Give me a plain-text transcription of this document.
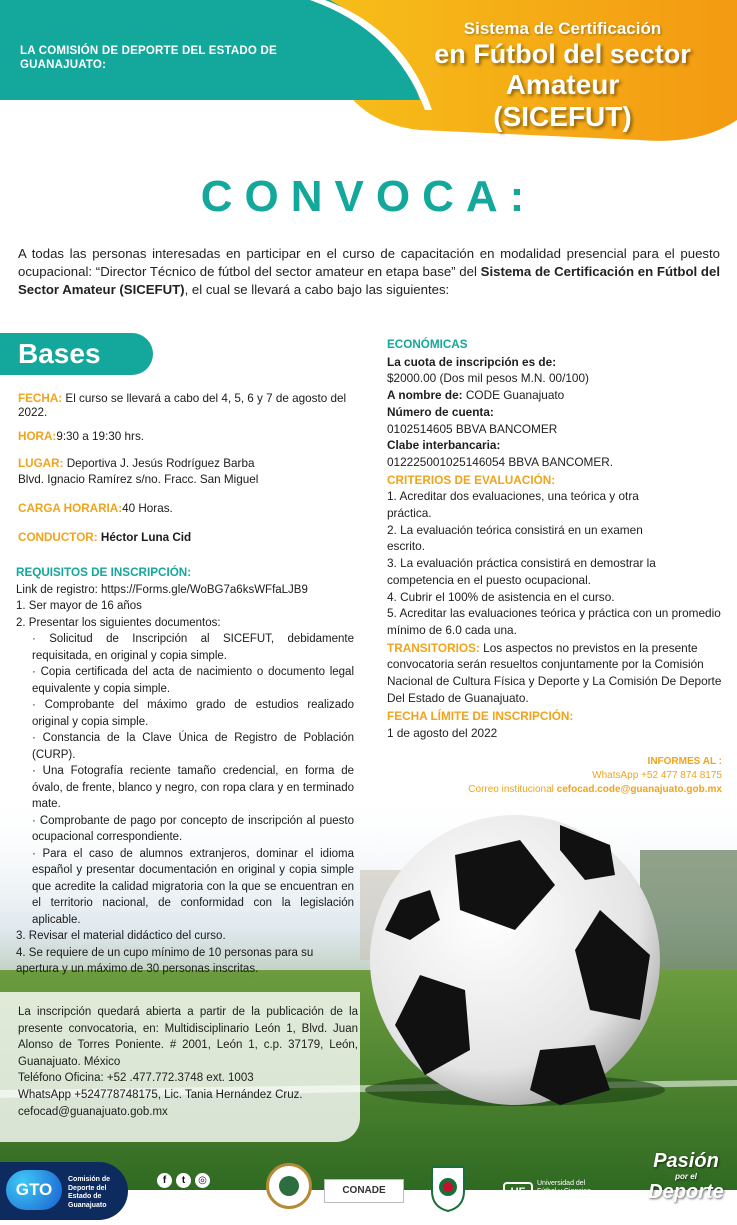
LA COMISIÓN DE DEPORTE DEL ESTADO DE GUANAJUATO:
Sistema de Certificación
en Fútbol del sector
Amateur
(SICEFUT)
CONVOCA:

A todas las personas interesadas en participar en el curso de capacitación en modalidad presencial para el puesto ocupacional: “Director Técnico de fútbol del sector amateur en etapa base” del Sistema de Certificación en Fútbol del Sector Amateur (SICEFUT), el cual se llevará a cabo bajo las siguientes:

Bases
FECHA: El curso se llevará a cabo del 4, 5, 6 y 7 de agosto del 2022.
HORA:9:30 a 19:30 hrs.
LUGAR: Deportiva J. Jesús Rodríguez Barba
Blvd. Ignacio Ramírez s/no. Fracc. San Miguel
CARGA HORARIA:40 Horas.
CONDUCTOR: Héctor Luna Cid
REQUISITOS DE INSCRIPCIÓN:
Link de registro: https://Forms.gle/WoBG7a6ksWFfaLJB9
1. Ser mayor de 16 años
2. Presentar los siguientes documentos:
· Solicitud de Inscripción al SICEFUT, debidamente requisitada, en original y copia simple.
· Copia certificada del acta de nacimiento o documento legal equivalente y copia simple.
· Comprobante del máximo grado de estudios realizado original y copia simple.
· Constancia de la Clave Única de Registro de Población (CURP).
· Una Fotografía reciente tamaño credencial, en forma de óvalo, de frente, blanco y negro, con ropa clara y en terminado mate.
· Comprobante de pago por concepto de inscripción al puesto ocupacional correspondiente.
· Para el caso de alumnos extranjeros, dominar el idioma español y presentar documentación en original y copia simple que acredite la calidad migratoria con la que se encuentran en el territorio nacional, de conformidad con la legislación aplicable.
3. Revisar el material didáctico del curso.
4. Se requiere de un cupo mínimo de 10 personas para su apertura y un máximo de 30 personas inscritas.
La inscripción quedará abierta a partir de la publicación de la presente convocatoria, en: Multidisciplinario León 1, Blvd. Juan Alonso de Torres Poniente. # 2001, León 1, c.p. 37179, León, Guanajuato. México
Teléfono Oficina: +52 .477.772.3748 ext. 1003
WhatsApp +524778748175, Lic. Tania Hernández Cruz.
cefocad@guanajuato.gob.mx
ECONÓMICAS
La cuota de inscripción es de:
$2000.00 (Dos mil pesos M.N. 00/100)
A nombre de: CODE Guanajuato
Número de cuenta:
0102514605 BBVA BANCOMER
Clabe interbancaria:
012225001025146054 BBVA BANCOMER.
CRITERIOS DE EVALUACIÓN:
1. Acreditar dos evaluaciones, una teórica y otra práctica.
2. La evaluación teórica consistirá en un examen escrito.
3. La evaluación práctica consistirá en demostrar la competencia en el puesto ocupacional.
4. Cubrir el 100% de asistencia en el curso.
5. Acreditar las evaluaciones teórica y práctica con un promedio mínimo de 6.0 cada una.
TRANSITORIOS: Los aspectos no previstos en la presente convocatoria serán resueltos conjuntamente por la Comisión Nacional de Cultura Física y Deporte y La Comisión De Deporte Del Estado de Guanajuato.
FECHA LÍMITE DE INSCRIPCIÓN:
1 de agosto del 2022
INFORMES AL :
WhatsApp +52 477 874 8175
Correo institucional cefocad.code@guanajuato.gob.mx
GTO
Comisión de Deporte del Estado de Guanajuato
f t ◎
codegto.gob.mx
CONADE	UFUniversidad del Fútbol y Ciencias del Deporte
Pasión
por el
Deporte
